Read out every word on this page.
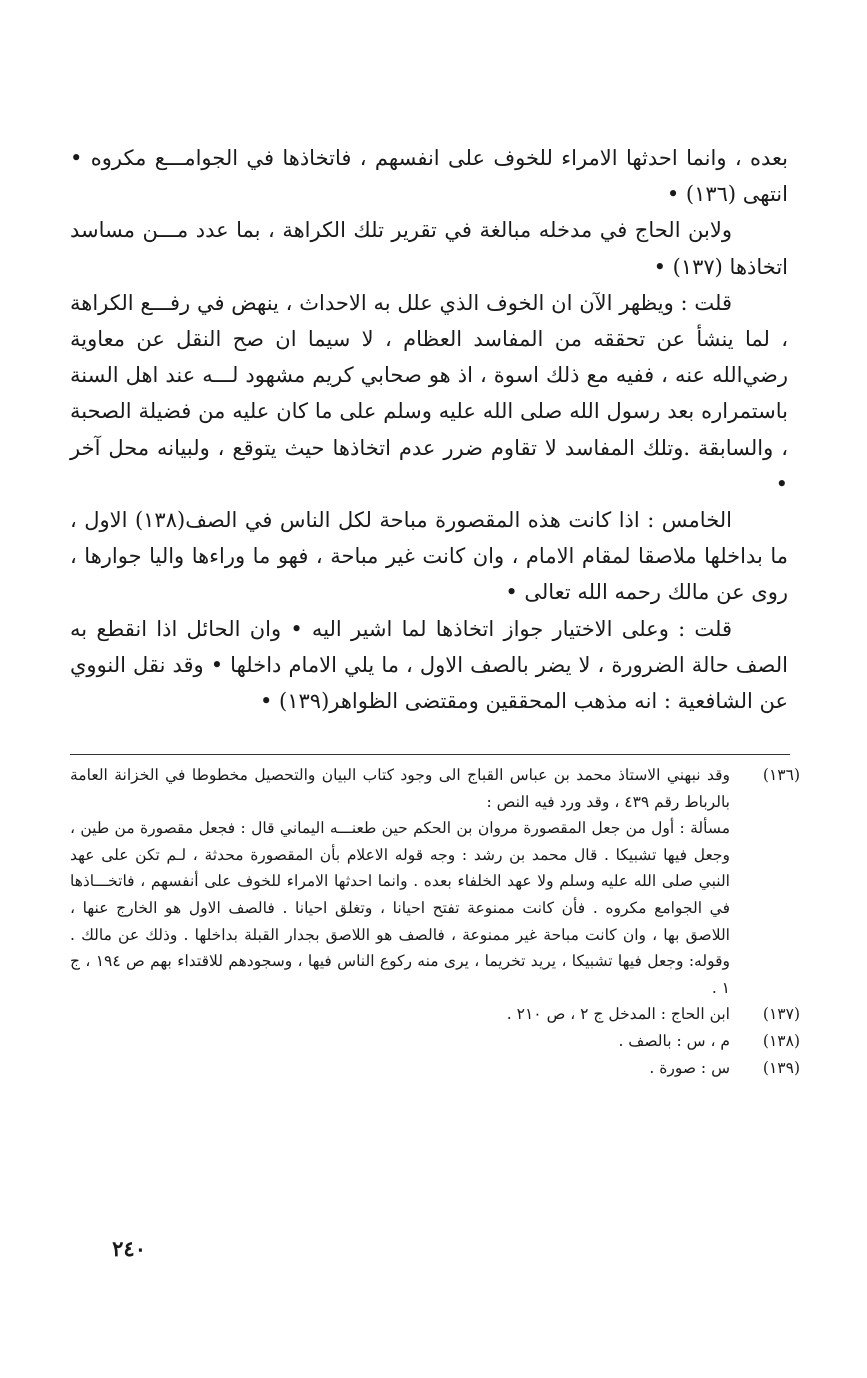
بعده ، وانما احدثها الامراء للخوف على انفسهم ، فاتخاذها في الجوامـــع مكروه • انتهى (١٣٦) •

ولابن الحاج في مدخله مبالغة في تقرير تلك الكراهة ، بما عدد مـــن مساسد اتخاذها (١٣٧) •

قلت : ويظهر الآن ان الخوف الذي علل به الاحداث ، ينهض في رفـــع الكراهة ، لما ينشأ عن تحققه من المفاسد العظام ، لا سيما ان صح النقل عن معاوية رضي‌الله عنه ، ففيه مع ذلك اسوة ، اذ هو صحابي كريم مشهود لـــه عند اهل السنة باستمراره بعد رسول الله صلى الله عليه وسلم على ما كان عليه من فضيلة الصحبة ، والسابقة .وتلك المفاسد لا تقاوم ضرر عدم اتخاذها حيث يتوقع ، ولبيانه محل آخر •

الخامس : اذا كانت هذه المقصورة مباحة لكل الناس في الصف(١٣٨) الاول ، ما بداخلها ملاصقا لمقام الامام ، وان كانت غير مباحة ، فهو ما وراءها واليا جوارها ، روى عن مالك رحمه الله تعالى •

قلت : وعلى الاختيار جواز اتخاذها لما اشير اليه • وان الحائل اذا انقطع به الصف حالة الضرورة ، لا يضر بالصف الاول ، ما يلي الامام داخلها • وقد نقل النووي عن الشافعية : انه مذهب المحققين ومقتضى الظواهر(١٣٩) •

(١٣٦)

وقد نبهني الاستاذ محمد بن عباس القباج الى وجود كتاب البيان والتحصيل مخطوطا في الخزانة العامة بالرباط رقم ٤٣٩ ، وقد ورد فيه النص :

مسألة : أول من جعل المقصورة مروان بن الحكم حين طعنـــه اليماني قال : فجعل مقصورة من طين ، وجعل فيها تشبيكا . قال محمد بن رشد : وجه قوله الاعلام بأن المقصورة محدثة ، لـم تكن على عهد النبي صلى الله عليه وسلم ولا عهد الخلفاء بعده . وانما احدثها الامراء للخوف على أنفسهم ، فاتخـــاذها في الجوامع مكروه . فأن كانت ممنوعة تفتح احيانا ، وتغلق احيانا . فالصف الاول هو الخارج عنها ، اللاصق بها ، وان كانت مباحة غير ممنوعة ، فالصف هو اللاصق بجدار القبلة بداخلها . وذلك عن مالك . وقوله: وجعل فيها تشبيكا ، يريد تخريما ، يرى منه ركوع الناس فيها ، وسجودهم للاقتداء بهم ص ١٩٤ ، ج ١ .

(١٣٧)

ابن الحاج : المدخل ج ٢ ، ص ٢١٠ .

(١٣٨)

م ، س : بالصف .

(١٣٩)

س : صورة .

٢٤٠
